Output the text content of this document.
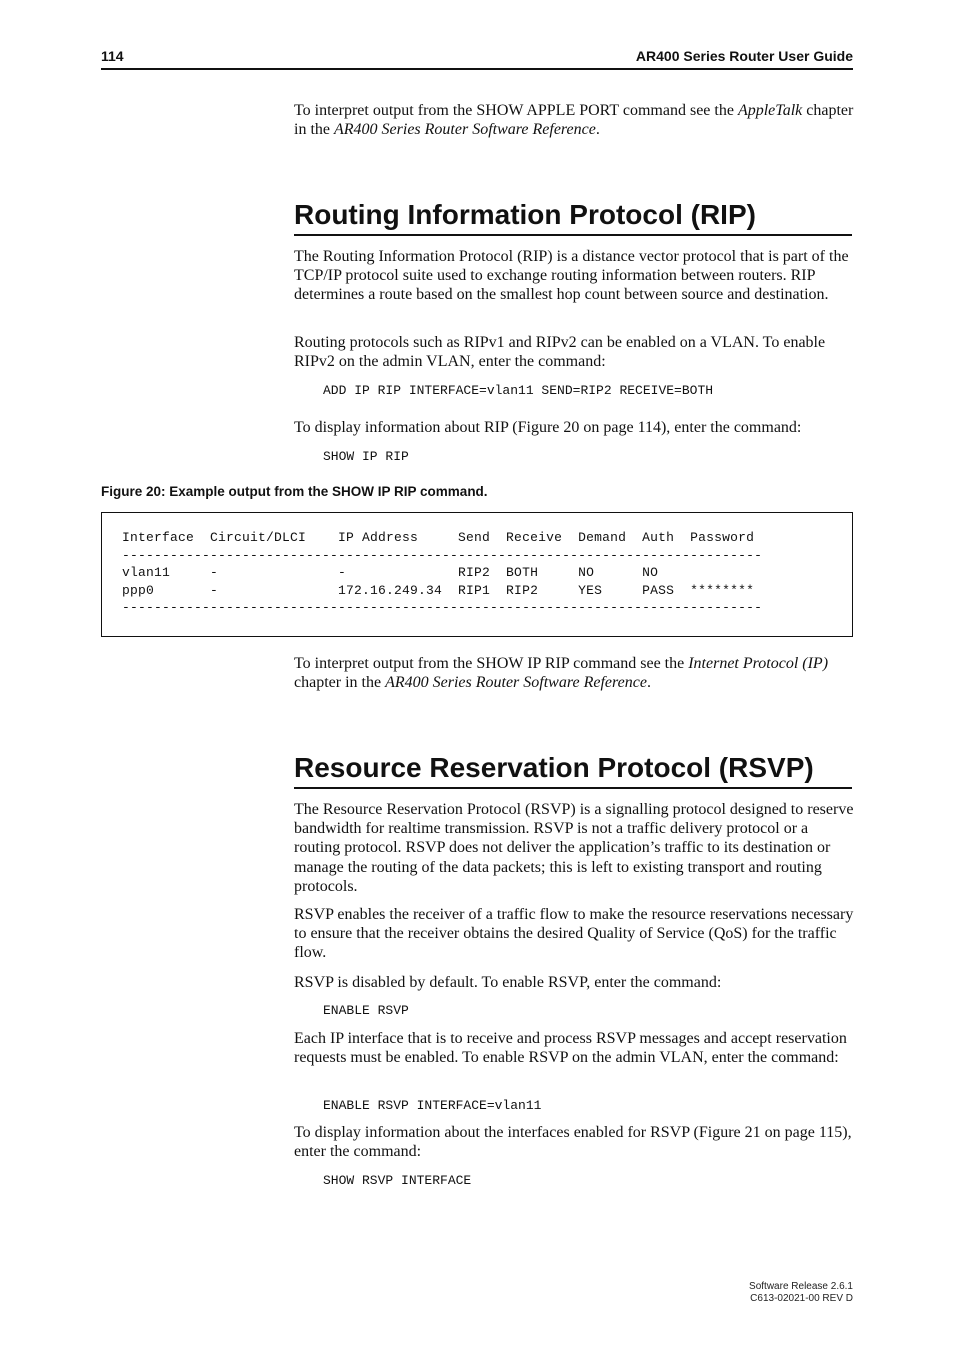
114	AR400 Series Router User Guide

To interpret output from the SHOW APPLE PORT command see the AppleTalk chapter in the AR400 Series Router Software Reference.

Routing Information Protocol (RIP)

The Routing Information Protocol (RIP) is a distance vector protocol that is part of the TCP/IP protocol suite used to exchange routing information between routers. RIP determines a route based on the smallest hop count between source and destination.

Routing protocols such as RIPv1 and RIPv2 can be enabled on a VLAN. To enable RIPv2 on the admin VLAN, enter the command:

ADD IP RIP INTERFACE=vlan11 SEND=RIP2 RECEIVE=BOTH

To display information about RIP (Figure 20 on page 114), enter the command:

SHOW IP RIP
Figure 20: Example output from the SHOW IP RIP command.
Interface  Circuit/DLCI    IP Address     Send  Receive  Demand  Auth  Password
--------------------------------------------------------------------------------
vlan11     -               -              RIP2  BOTH     NO      NO
ppp0       -               172.16.249.34  RIP1  RIP2     YES     PASS  ********
--------------------------------------------------------------------------------

To interpret output from the SHOW IP RIP command see the Internet Protocol (IP) chapter in the AR400 Series Router Software Reference.

Resource Reservation Protocol (RSVP)

The Resource Reservation Protocol (RSVP) is a signalling protocol designed to reserve bandwidth for realtime transmission. RSVP is not a traffic delivery protocol or a routing protocol. RSVP does not deliver the application’s traffic to its destination or manage the routing of the data packets; this is left to existing transport and routing protocols.

RSVP enables the receiver of a traffic flow to make the resource reservations necessary to ensure that the receiver obtains the desired Quality of Service (QoS) for the traffic flow.

RSVP is disabled by default. To enable RSVP, enter the command:

ENABLE RSVP

Each IP interface that is to receive and process RSVP messages and accept reservation requests must be enabled. To enable RSVP on the admin VLAN, enter the command:

ENABLE RSVP INTERFACE=vlan11

To display information about the interfaces enabled for RSVP (Figure 21 on page 115), enter the command:

SHOW RSVP INTERFACE
Software Release 2.6.1
C613-02021-00 REV D
